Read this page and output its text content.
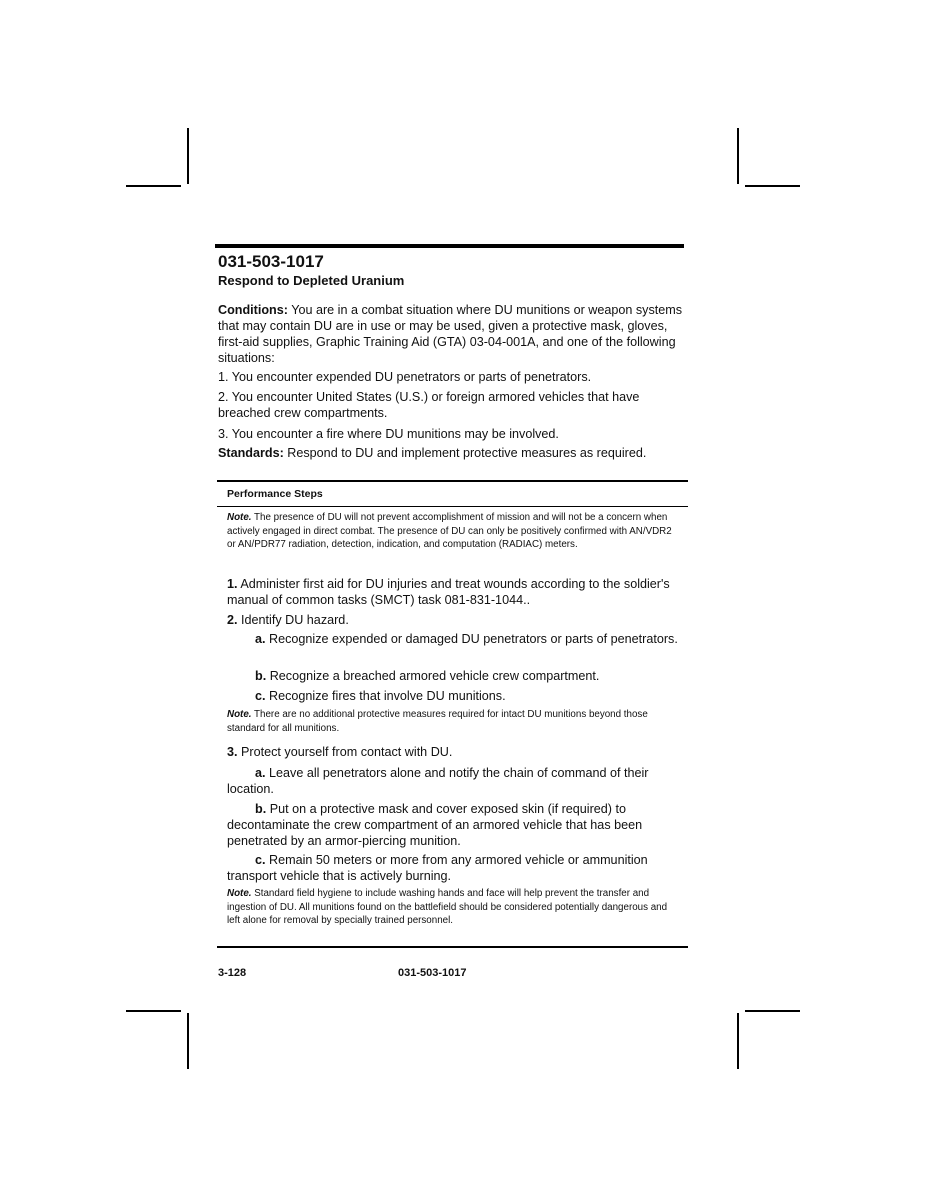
031-503-1017
Respond to Depleted Uranium
Conditions: You are in a combat situation where DU munitions or weapon systems that may contain DU are in use or may be used, given a protective mask, gloves, first-aid supplies, Graphic Training Aid (GTA) 03-04-001A, and one of the following situations:
1. You encounter expended DU penetrators or parts of penetrators.
2. You encounter United States (U.S.) or foreign armored vehicles that have breached crew compartments.
3. You encounter a fire where DU munitions may be involved.
Standards: Respond to DU and implement protective measures as required.
Performance Steps
Note. The presence of DU will not prevent accomplishment of mission and will not be a concern when actively engaged in direct combat. The presence of DU can only be positively confirmed with AN/VDR2 or AN/PDR77 radiation, detection, indication, and computation (RADIAC) meters.
1. Administer first aid for DU injuries and treat wounds according to the soldier's manual of common tasks (SMCT) task 081-831-1044..
2. Identify DU hazard.
a. Recognize expended or damaged DU penetrators or parts of penetrators.
b. Recognize a breached armored vehicle crew compartment.
c. Recognize fires that involve DU munitions.
Note. There are no additional protective measures required for intact DU munitions beyond those standard for all munitions.
3. Protect yourself from contact with DU.
a. Leave all penetrators alone and notify the chain of command of their location.
b. Put on a protective mask and cover exposed skin (if required) to decontaminate the crew compartment of an armored vehicle that has been penetrated by an armor-piercing munition.
c. Remain 50 meters or more from any armored vehicle or ammunition transport vehicle that is actively burning.
Note. Standard field hygiene to include washing hands and face will help prevent the transfer and ingestion of DU. All munitions found on the battlefield should be considered potentially dangerous and left alone for removal by specially trained personnel.
3-128	031-503-1017
